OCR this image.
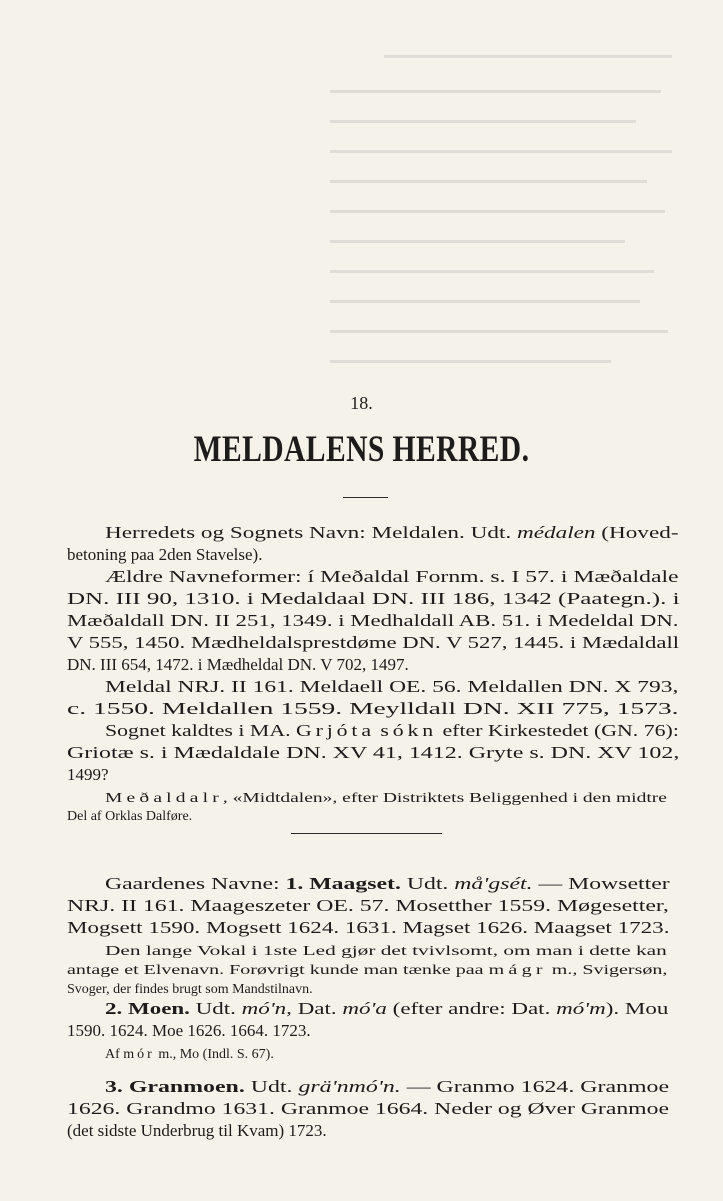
18.
MELDALENS HERRED.
Herredets og Sognets Navn: Meldalen. Udt. médalen (Hoved-
betoning paa 2den Stavelse).
Ældre Navneformer: í Meðaldal Fornm. s. I 57. i Mæðaldale
DN. III 90, 1310. i Medaldaal DN. III 186, 1342 (Paategn.). i
Mæðaldall DN. II 251, 1349. i Medhaldall AB. 51. i Medeldal DN.
V 555, 1450. Mædheldalsprestdøme DN. V 527, 1445. i Mædaldall
DN. III 654, 1472. i Mædheldal DN. V 702, 1497.
Meldal NRJ. II 161. Meldaell OE. 56. Meldallen DN. X 793,
c. 1550. Meldallen 1559. Meylldall DN. XII 775, 1573.
Sognet kaldtes i MA. Grjóta sókn efter Kirkestedet (GN. 76):
Griotæ s. i Mædaldale DN. XV 41, 1412. Gryte s. DN. XV 102,
1499?
Meðaldalr, «Midtdalen», efter Distriktets Beliggenhed i den midtre
Del af Orklas Dalføre.
Gaardenes Navne: 1. Maagset. Udt. må'gsét. — Mowsetter
NRJ. II 161. Maageszeter OE. 57. Mosetther 1559. Møgesetter,
Mogsett 1590. Mogsett 1624. 1631. Magset 1626. Maagset 1723.
Den lange Vokal i 1ste Led gjør det tvivlsomt, om man i dette kan
antage et Elvenavn. Forøvrigt kunde man tænke paa mágr m., Svigersøn,
Svoger, der findes brugt som Mandstilnavn.
2. Moen. Udt. mó'n, Dat. mó'a (efter andre: Dat. mó'm). Mou
1590. 1624. Moe 1626. 1664. 1723.
Af mór m., Mo (Indl. S. 67).
3. Granmoen. Udt. grä'nmó'n. — Granmo 1624. Granmoe
1626. Grandmo 1631. Granmoe 1664. Neder og Øver Granmoe
(det sidste Underbrug til Kvam) 1723.
